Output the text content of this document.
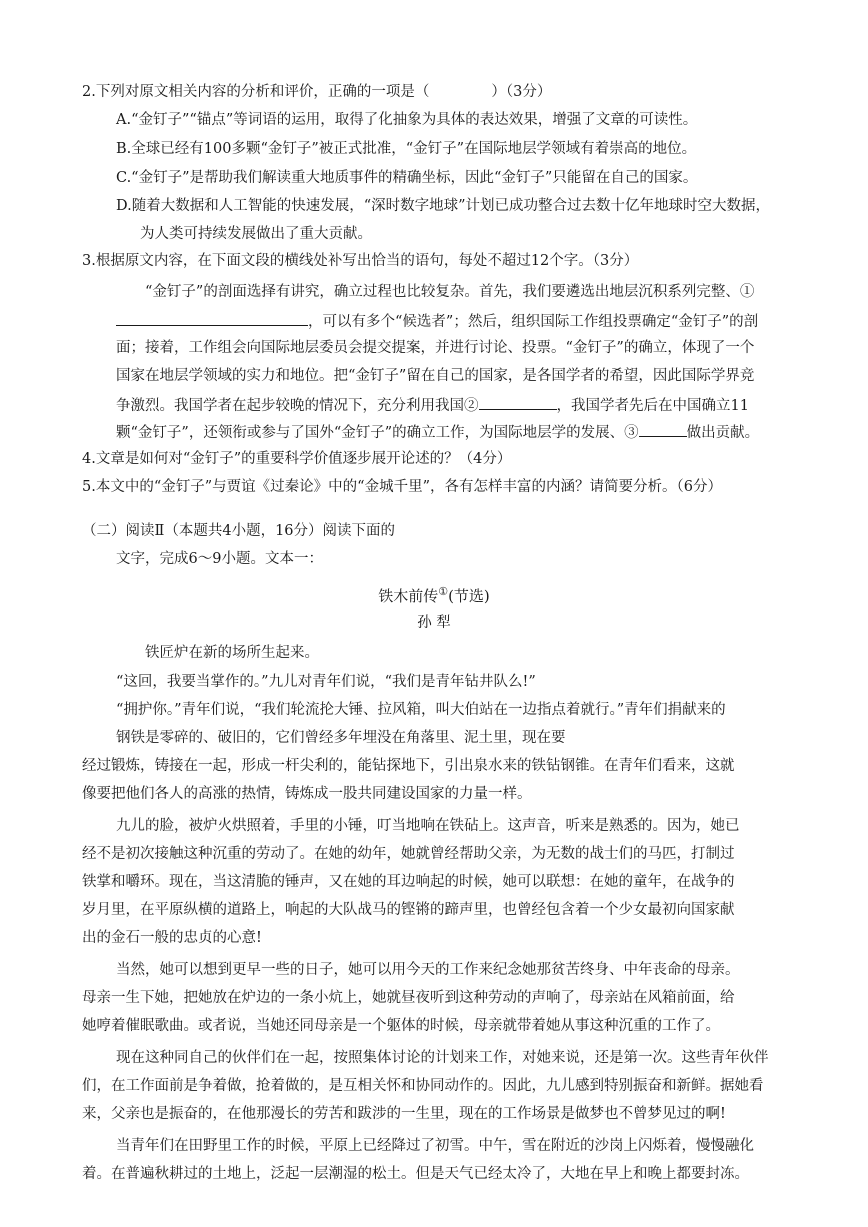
2.下列对原文相关内容的分析和评价，正确的一项是（	）（3分）
A.“金钉子”“锚点”等词语的运用，取得了化抽象为具体的表达效果，增强了文章的可读性。
B.全球已经有100多颗“金钉子”被正式批准，“金钉子”在国际地层学领域有着崇高的地位。
C.“金钉子”是帮助我们解读重大地质事件的精确坐标，因此“金钉子”只能留在自己的国家。
D.随着大数据和人工智能的快速发展，“深时数字地球”计划已成功整合过去数十亿年地球时空大数据，
为人类可持续发展做出了重大贡献。
3.根据原文内容，在下面文段的横线处补写出恰当的语句，每处不超过12个字。（3分）
“金钉子”的剖面选择有讲究，确立过程也比较复杂。首先，我们要遴选出地层沉积系列完整、①
，可以有多个“候选者”；然后，组织国际工作组投票确定“金钉子”的剖
面；接着，工作组会向国际地层委员会提交提案，并进行讨论、投票。“金钉子”的确立，体现了一个
国家在地层学领域的实力和地位。把“金钉子”留在自己的国家，是各国学者的希望，因此国际学界竞
争激烈。我国学者在起步较晚的情况下，充分利用我国②	，我国学者先后在中国确立11
颗“金钉子”，还领衔或参与了国外“金钉子”的确立工作，为国际地层学的发展、③	做出贡献。
4.文章是如何对“金钉子”的重要科学价值逐步展开论述的？（4分）
5.本文中的“金钉子”与贾谊《过秦论》中的“金城千里”，各有怎样丰富的内涵？请简要分析。（6分）
（二）阅读Ⅱ（本题共4小题，16分）阅读下面的
文字，完成6～9小题。文本一：
铁木前传①(节选)
孙 犁
铁匠炉在新的场所生起来。
“这回，我要当掌作的。”九儿对青年们说，“我们是青年钻井队么!”
“拥护你。”青年们说，“我们轮流抡大锤、拉风箱，叫大伯站在一边指点着就行。”青年们捐献来的
钢铁是零碎的、破旧的，它们曾经多年埋没在角落里、泥土里，现在要
经过锻炼，铸接在一起，形成一杆尖利的，能钻探地下，引出泉水来的铁钻钢锥。在青年们看来，这就
像要把他们各人的高涨的热情，铸炼成一股共同建设国家的力量一样。
九儿的脸，被炉火烘照着，手里的小锤，叮当地响在铁砧上。这声音，听来是熟悉的。因为，她已
经不是初次接触这种沉重的劳动了。在她的幼年，她就曾经帮助父亲，为无数的战士们的马匹，打制过
铁掌和嚼环。现在，当这清脆的锤声，又在她的耳边响起的时候，她可以联想：在她的童年，在战争的
岁月里，在平原纵横的道路上，响起的大队战马的铿锵的蹄声里，也曾经包含着一个少女最初向国家献
出的金石一般的忠贞的心意!
当然，她可以想到更早一些的日子，她可以用今天的工作来纪念她那贫苦终身、中年丧命的母亲。
母亲一生下她，把她放在炉边的一条小炕上，她就昼夜听到这种劳动的声响了，母亲站在风箱前面，给
她哼着催眠歌曲。或者说，当她还同母亲是一个躯体的时候，母亲就带着她从事这种沉重的工作了。
现在这种同自己的伙伴们在一起，按照集体讨论的计划来工作，对她来说，还是第一次。这些青年伙伴
们，在工作面前是争着做，抢着做的，是互相关怀和协同动作的。因此，九儿感到特别振奋和新鲜。据她看
来，父亲也是振奋的，在他那漫长的劳苦和跋涉的一生里，现在的工作场景是做梦也不曾梦见过的啊!
当青年们在田野里工作的时候，平原上已经降过了初雪。中午，雪在附近的沙岗上闪烁着，慢慢融化
着。在普遍秋耕过的土地上，泛起一层潮湿的松土。但是天气已经太冷了，大地在早上和晚上都要封冻。
